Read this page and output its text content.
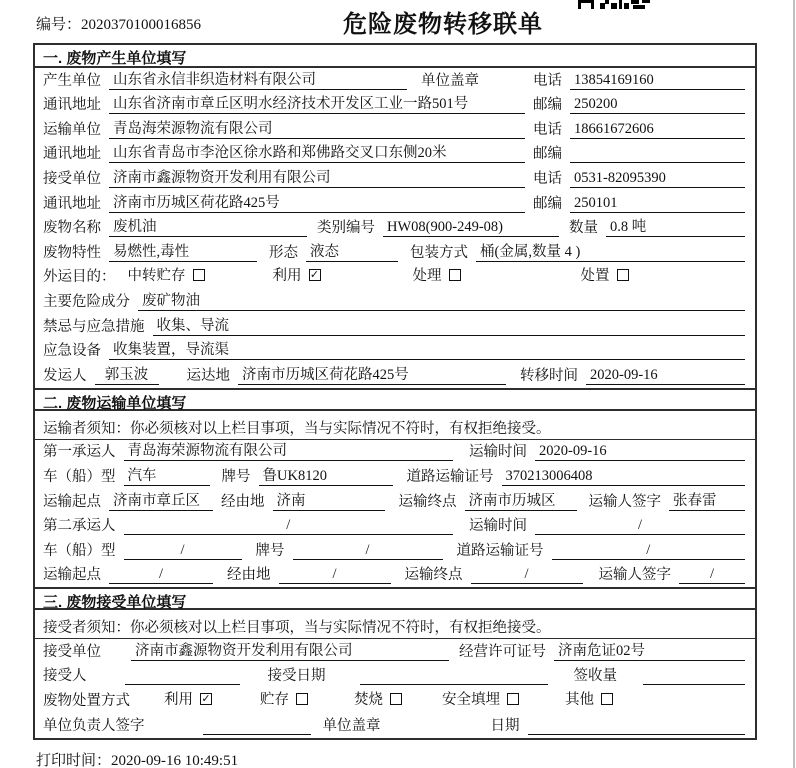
编号：2020370100016856	危险废物转移联单
一. 废物产生单位填写
产生单位 山东省永信非织造材料有限公司	单位盖章	电话 13854169160
通讯地址 山东省济南市章丘区明水经济技术开发区工业一路501号	邮编 250200
运输单位 青岛海荣源物流有限公司	电话 18661672606
通讯地址 山东省青岛市李沧区徐水路和郑佛路交叉口东侧20米	邮编
接受单位 济南市鑫源物资开发利用有限公司	电话 0531-82095390
通讯地址 济南市历城区荷花路425号	邮编 250101
废物名称 废机油	类别编号 HW08(900-249-08)	数量 0.8 吨
废物特性 易燃性,毒性	形态 液态	包装方式 桶(金属,数量 4 )
外运目的： 中转贮存	利用 ✓	处理	处置
主要危险成分 废矿物油
禁忌与应急措施 收集、导流
应急设备 收集装置，导流渠
发运人	郭玉波	运达地 济南市历城区荷花路425号	转移时间 2020-09-16
二. 废物运输单位填写
运输者须知：你必须核对以上栏目事项，当与实际情况不符时，有权拒绝接受。
第一承运人 青岛海荣源物流有限公司	运输时间 2020-09-16
车（船）型 汽车	牌号 鲁UK8120	道路运输证号 370213006408
运输起点 济南市章丘区	经由地 济南	运输终点 济南市历城区	运输人签字 张春雷
第二承运人	/	运输时间	/
车（船）型	/	牌号	/	道路运输证号	/
运输起点	/	经由地	/	运输终点	/	运输人签字	/
三. 废物接受单位填写
接受者须知：你必须核对以上栏目事项，当与实际情况不符时，有权拒绝接受。
接受单位 济南市鑫源物资开发利用有限公司	经营许可证号 济南危证02号
接受人	接受日期	签收量
废物处置方式 利用 ✓	贮存	焚烧	安全填埋	其他
单位负责人签字	单位盖章	日期
打印时间：2020-09-16 10:49:51
